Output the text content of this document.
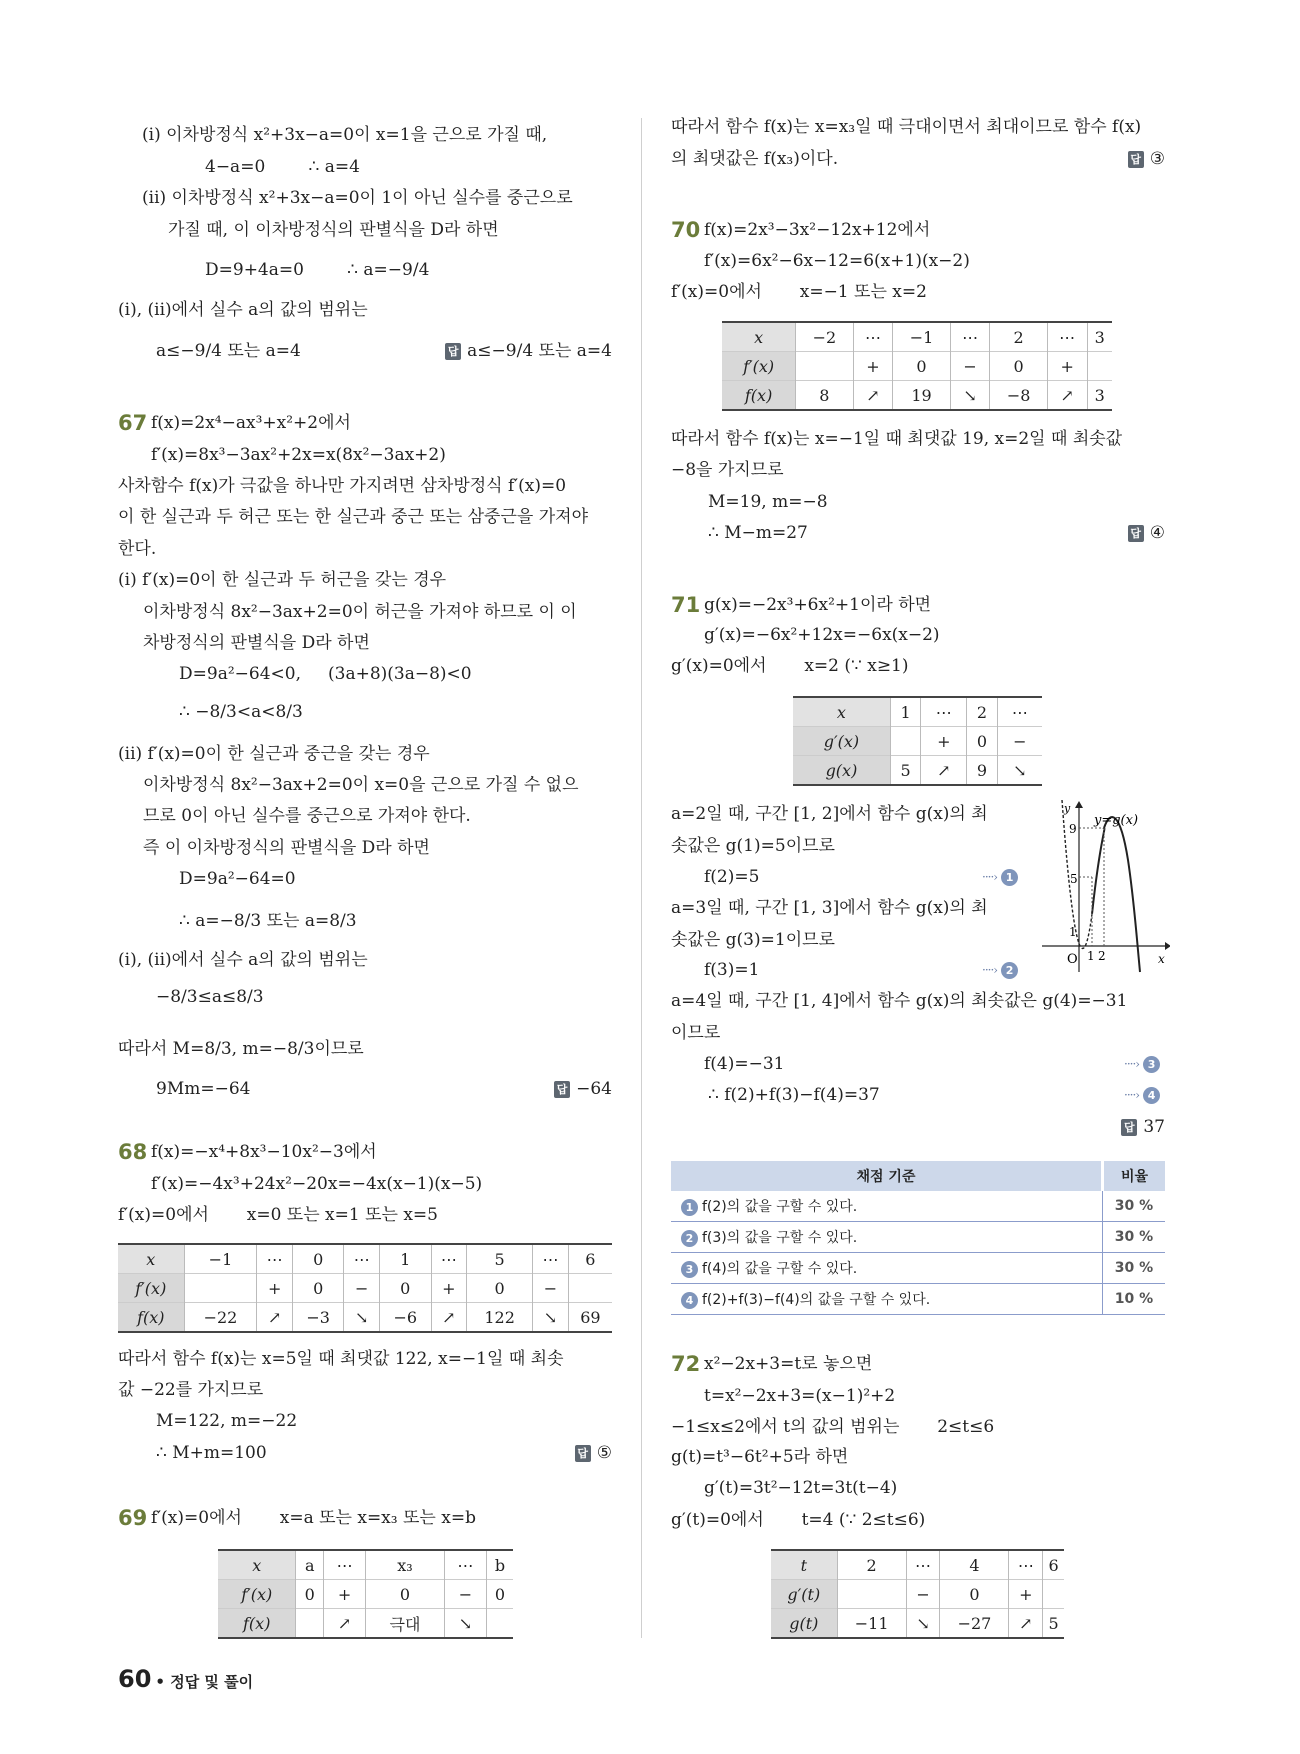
(i) 이차방정식 x²+3x−a=0이 x=1을 근으로 가질 때,
4−a=0        ∴ a=4
(ii) 이차방정식 x²+3x−a=0이 1이 아닌 실수를 중근으로
가질 때, 이 이차방정식의 판별식을 D라 하면
D=9+4a=0        ∴ a=−9/4
(i), (ii)에서 실수 a의 값의 범위는
a≤−9/4 또는 a=4	답 a≤−9/4 또는 a=4
67 f(x)=2x⁴−ax³+x²+2에서
f′(x)=8x³−3ax²+2x=x(8x²−3ax+2)
사차함수 f(x)가 극값을 하나만 가지려면 삼차방정식 f′(x)=0
이 한 실근과 두 허근 또는 한 실근과 중근 또는 삼중근을 가져야
한다.
(i) f′(x)=0이 한 실근과 두 허근을 갖는 경우
이차방정식 8x²−3ax+2=0이 허근을 가져야 하므로 이 이
차방정식의 판별식을 D라 하면
D=9a²−64<0,     (3a+8)(3a−8)<0
∴ −8/3<a<8/3
(ii) f′(x)=0이 한 실근과 중근을 갖는 경우
이차방정식 8x²−3ax+2=0이 x=0을 근으로 가질 수 없으
므로 0이 아닌 실수를 중근으로 가져야 한다.
즉 이 이차방정식의 판별식을 D라 하면
D=9a²−64=0
∴ a=−8/3 또는 a=8/3
(i), (ii)에서 실수 a의 값의 범위는
−8/3≤a≤8/3
따라서 M=8/3, m=−8/3이므로
9Mm=−64	답 −64
68 f(x)=−x⁴+8x³−10x²−3에서
f′(x)=−4x³+24x²−20x=−4x(x−1)(x−5)
f′(x)=0에서       x=0 또는 x=1 또는 x=5
x	−1	⋯	0	⋯	1	⋯	5	⋯	6
f′(x)		+	0	−	0	+	0	−	
f(x)	−22	↗	−3	↘	−6	↗	122	↘	69
따라서 함수 f(x)는 x=5일 때 최댓값 122, x=−1일 때 최솟
값 −22를 가지므로
M=122, m=−22
∴ M+m=100	답 ⑤
69 f′(x)=0에서       x=a 또는 x=x₃ 또는 x=b
x	a	⋯	x₃	⋯	b
f′(x)	0	+	0	−	0
f(x)		↗	극대	↘	
따라서 함수 f(x)는 x=x₃일 때 극대이면서 최대이므로 함수 f(x)
의 최댓값은 f(x₃)이다.	답 ③
70 f(x)=2x³−3x²−12x+12에서
f′(x)=6x²−6x−12=6(x+1)(x−2)
f′(x)=0에서       x=−1 또는 x=2
x	−2	⋯	−1	⋯	2	⋯	3
f′(x)		+	0	−	0	+	
f(x)	8	↗	19	↘	−8	↗	3
따라서 함수 f(x)는 x=−1일 때 최댓값 19, x=2일 때 최솟값
−8을 가지므로
M=19, m=−8
∴ M−m=27	답 ④
71 g(x)=−2x³+6x²+1이라 하면
g′(x)=−6x²+12x=−6x(x−2)
g′(x)=0에서       x=2 (∵ x≥1)
x	1	⋯	2	⋯
g′(x)		+	0	−
g(x)	5	↗	9	↘
a=2일 때, 구간 [1, 2]에서 함수 g(x)의 최
솟값은 g(1)=5이므로
f(2)=5	····› 1
a=3일 때, 구간 [1, 3]에서 함수 g(x)의 최
솟값은 g(3)=1이므로
f(3)=1	····› 2
a=4일 때, 구간 [1, 4]에서 함수 g(x)의 최솟값은 g(4)=−31
이므로
f(4)=−31	····› 3
∴ f(2)+f(3)−f(4)=37	····› 4
답 37
y
x
y=g(x)
9
5
1
O 1 2
채점 기준	비율
1 f(2)의 값을 구할 수 있다.	30 %
2 f(3)의 값을 구할 수 있다.	30 %
3 f(4)의 값을 구할 수 있다.	30 %
4 f(2)+f(3)−f(4)의 값을 구할 수 있다.	10 %
72 x²−2x+3=t로 놓으면
t=x²−2x+3=(x−1)²+2
−1≤x≤2에서 t의 값의 범위는       2≤t≤6
g(t)=t³−6t²+5라 하면
g′(t)=3t²−12t=3t(t−4)
g′(t)=0에서       t=4 (∵ 2≤t≤6)
t	2	⋯	4	⋯	6
g′(t)		−	0	+	
g(t)	−11	↘	−27	↗	5
60 • 정답 및 풀이
